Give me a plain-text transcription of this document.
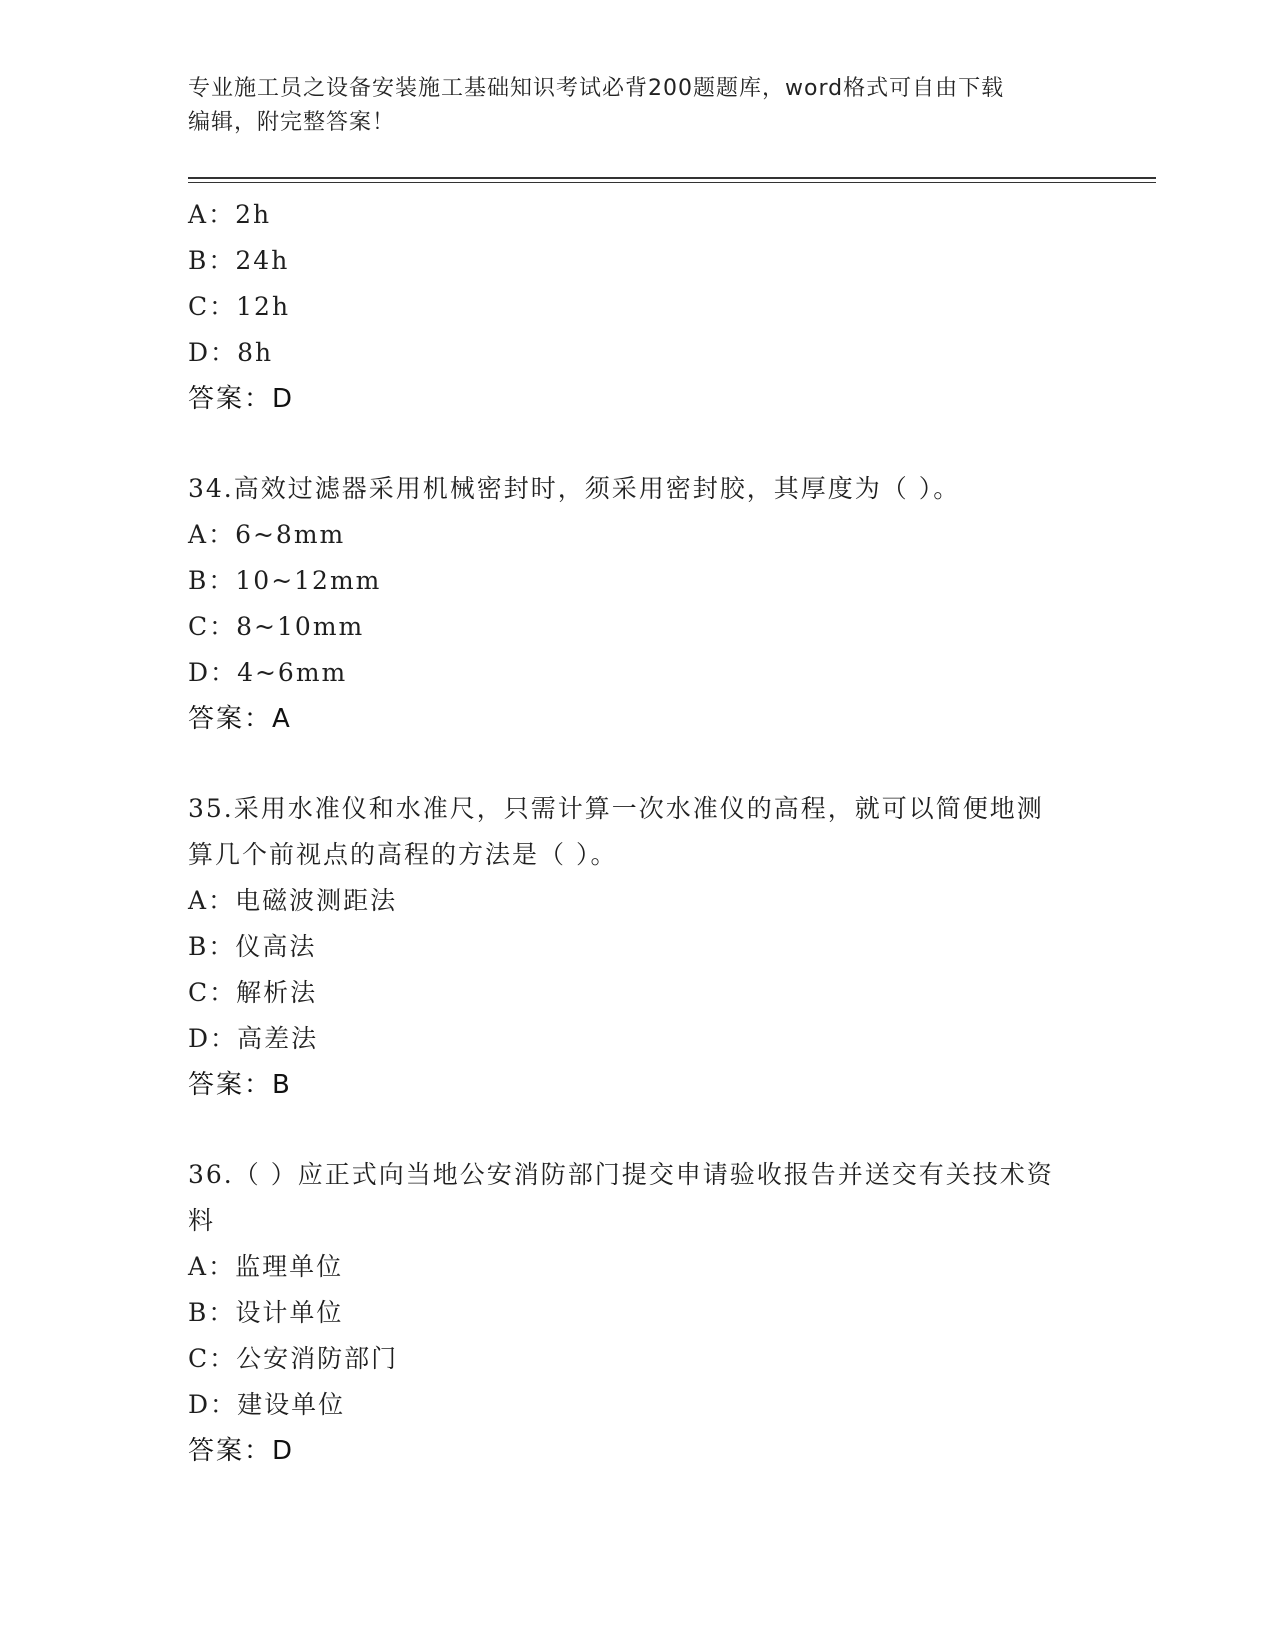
专业施工员之设备安装施工基础知识考试必背200题题库，word格式可自由下载
编辑，附完整答案！
A：2h
B：24h
C：12h
D：8h
答案：D
34.高效过滤器采用机械密封时，须采用密封胶，其厚度为（ ）。
A：6~8mm
B：10~12mm
C：8~10mm
D：4~6mm
答案：A
35.采用水准仪和水准尺，只需计算一次水准仪的高程，就可以简便地测算几个前视点的高程的方法是（ ）。
A：电磁波测距法
B：仪高法
C：解析法
D：高差法
答案：B
36.（ ）应正式向当地公安消防部门提交申请验收报告并送交有关技术资料
A：监理单位
B：设计单位
C：公安消防部门
D：建设单位
答案：D
